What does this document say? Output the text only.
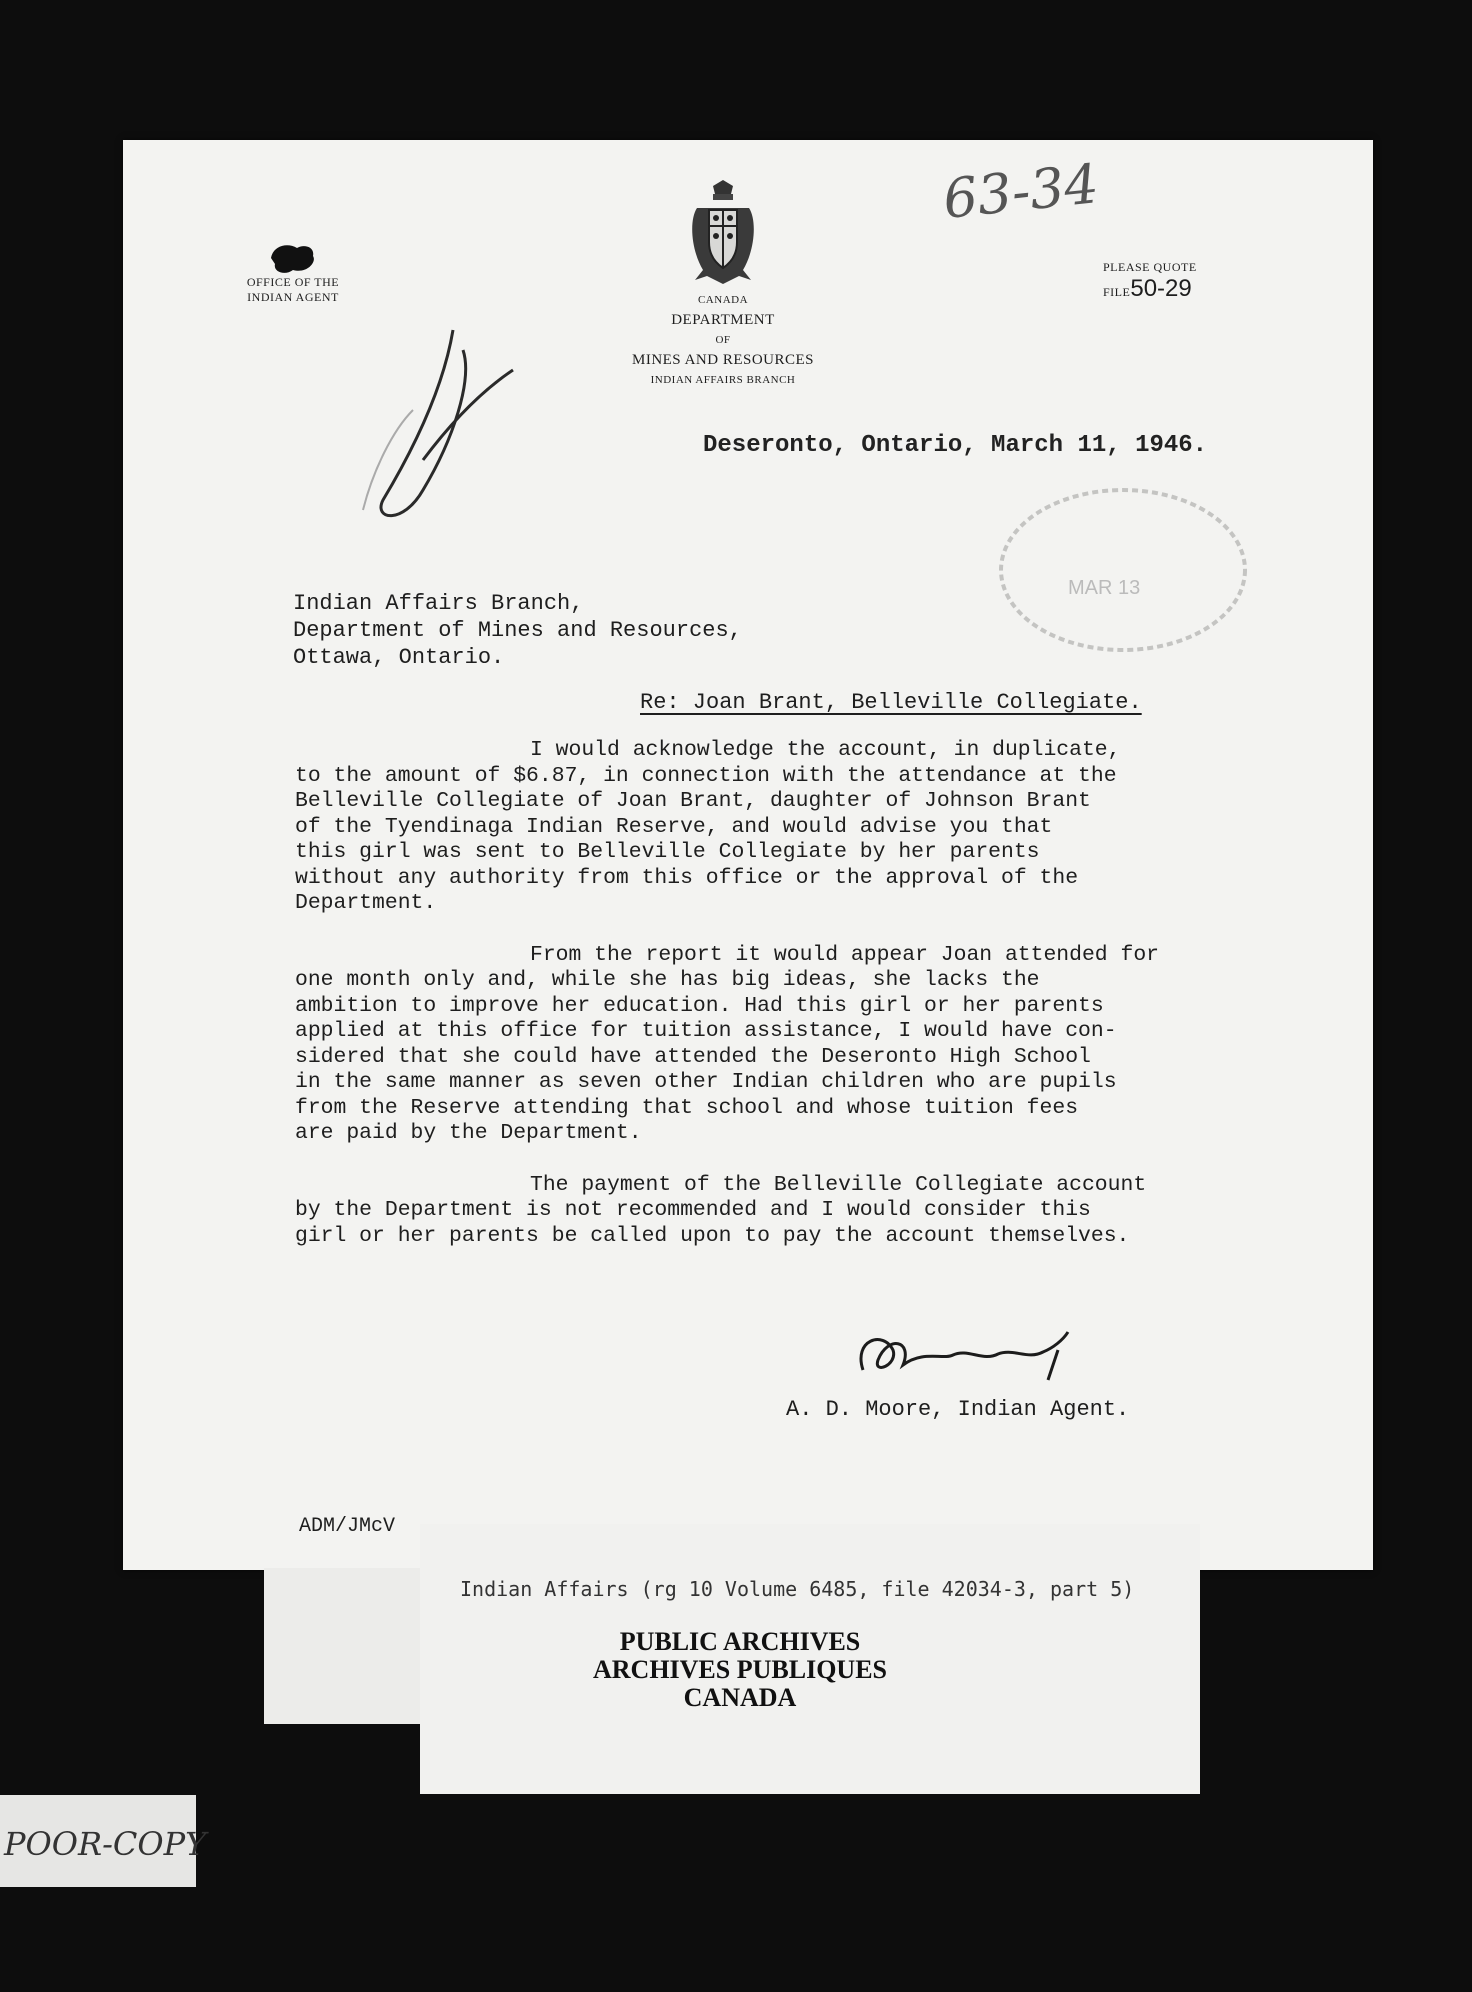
OFFICE OF THE INDIAN AGENT	CANADA
DEPARTMENT
OF
MINES AND RESOURCES
INDIAN AFFAIRS BRANCH
PLEASE QUOTE
FILE50-29
63-34
Deseronto, Ontario, March 11, 1946.
MAR 13
Indian Affairs Branch,
Department of Mines and Resources,
Ottawa, Ontario.
Re: Joan Brant, Belleville Collegiate.

I would acknowledge the account, in duplicate,
to the amount of $6.87, in connection with the attendance at the
Belleville Collegiate of Joan Brant, daughter of Johnson Brant
of the Tyendinaga Indian Reserve, and would advise you that
this girl was sent to Belleville Collegiate by her parents
without any authority from this office or the approval of the
Department.

From the report it would appear Joan attended for
one month only and, while she has big ideas, she lacks the
ambition to improve her education. Had this girl or her parents
applied at this office for tuition assistance, I would have con-
sidered that she could have attended the Deseronto High School
in the same manner as seven other Indian children who are pupils
from the Reserve attending that school and whose tuition fees
are paid by the Department.

The payment of the Belleville Collegiate account
by the Department is not recommended and I would consider this
girl or her parents be called upon to pay the account themselves.

A. D. Moore, Indian Agent.
ADM/JMcV
Indian Affairs (rg 10 Volume 6485, file 42034-3, part 5)
PUBLIC ARCHIVES
ARCHIVES PUBLIQUES
CANADA
POOR-COPY
